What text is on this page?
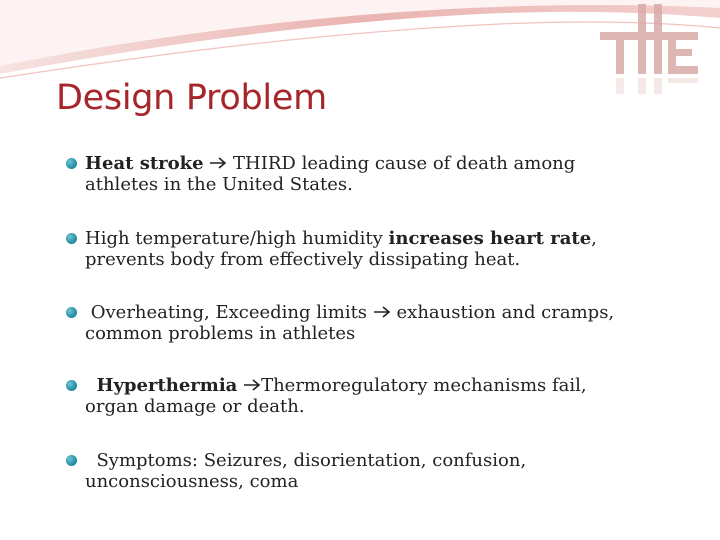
Design Problem
Heat stroke THIRD leading cause of death among
athletes in the United States.
High temperature/high humidity increases heart rate,
prevents body from effectively dissipating heat.
Overheating, Exceeding limits exhaustion and cramps,
common problems in athletes
Hyperthermia Thermoregulatory mechanisms fail,
organ damage or death.
Symptoms: Seizures, disorientation, confusion,
unconsciousness, coma
